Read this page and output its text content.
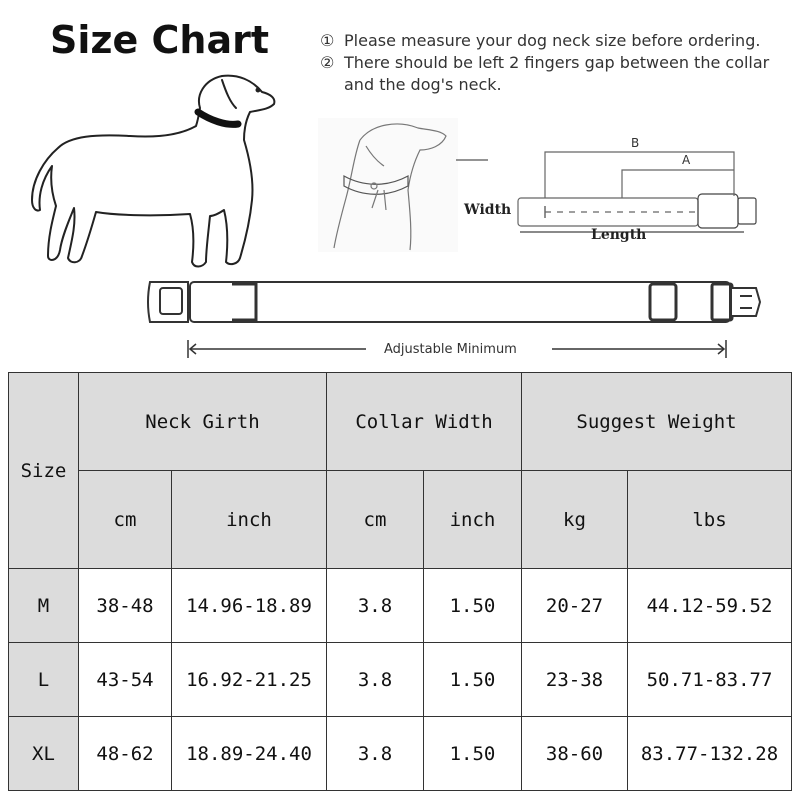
Size Chart	① Please measure your dog neck size before ordering.
② There should be left 2 fingers gap between the collar and the dog's neck.
B
A
Width
Length
Adjustable Minimum
Size	Neck Girth		Collar Width		Suggest Weight	
	cm	inch	cm	inch	kg	lbs
M	38-48	14.96-18.89	3.8	1.50	20-27	44.12-59.52
L	43-54	16.92-21.25	3.8	1.50	23-38	50.71-83.77
XL	48-62	18.89-24.40	3.8	1.50	38-60	83.77-132.28
